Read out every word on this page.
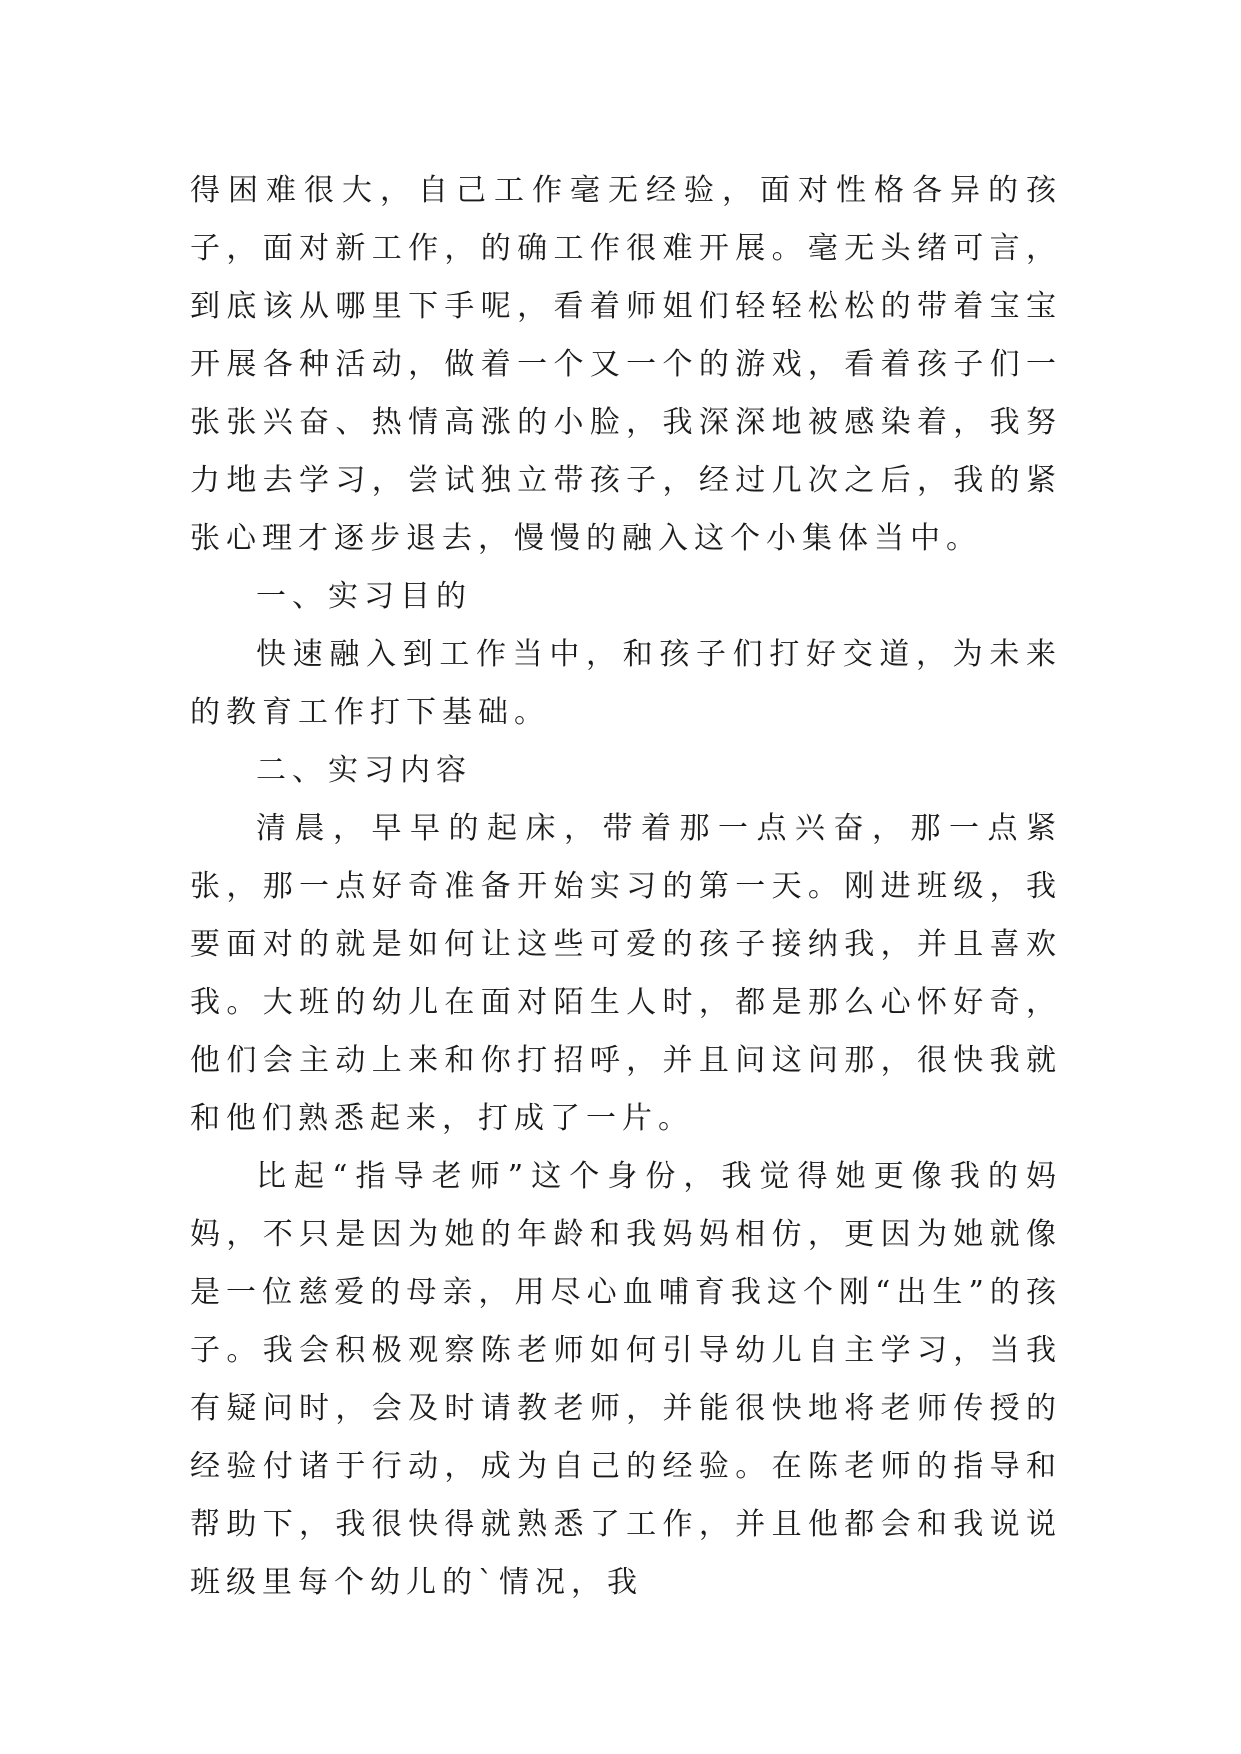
得困难很大，自己工作毫无经验，面对性格各异的孩子，面对新工作，的确工作很难开展。毫无头绪可言，到底该从哪里下手呢，看着师姐们轻轻松松的带着宝宝开展各种活动，做着一个又一个的游戏，看着孩子们一张张兴奋、热情高涨的小脸，我深深地被感染着，我努力地去学习，尝试独立带孩子，经过几次之后，我的紧张心理才逐步退去，慢慢的融入这个小集体当中。

一、实习目的

快速融入到工作当中，和孩子们打好交道，为未来的教育工作打下基础。

二、实习内容

清晨，早早的起床，带着那一点兴奋，那一点紧张，那一点好奇准备开始实习的第一天。刚进班级，我要面对的就是如何让这些可爱的孩子接纳我，并且喜欢我。大班的幼儿在面对陌生人时，都是那么心怀好奇，他们会主动上来和你打招呼，并且问这问那，很快我就和他们熟悉起来，打成了一片。

比起“指导老师”这个身份，我觉得她更像我的妈妈，不只是因为她的年龄和我妈妈相仿，更因为她就像是一位慈爱的母亲，用尽心血哺育我这个刚“出生”的孩子。我会积极观察陈老师如何引导幼儿自主学习，当我有疑问时，会及时请教老师，并能很快地将老师传授的经验付诸于行动，成为自己的经验。在陈老师的指导和帮助下，我很快得就熟悉了工作，并且他都会和我说说班级里每个幼儿的`情况，我
